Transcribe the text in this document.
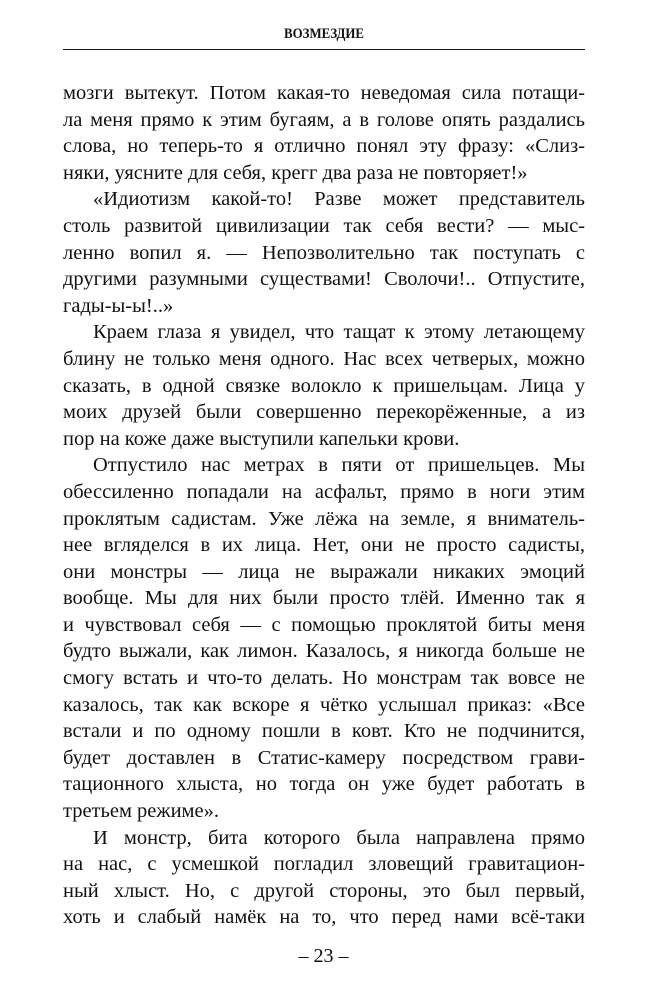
ВОЗМЕЗДИЕ

мозги вытекут. Потом какая-то неведомая сила потащи-
ла меня прямо к этим бугаям, а в голове опять раздались
слова, но теперь-то я отлично понял эту фразу: «Слиз-
няки, уясните для себя, крегг два раза не повторяет!»

«Идиотизм какой-то! Разве может представитель
столь развитой цивилизации так себя вести? — мыс-
ленно вопил я. — Непозволительно так поступать с
другими разумными существами! Сволочи!.. Отпустите,
гады-ы-ы!..»

Краем глаза я увидел, что тащат к этому летающему
блину не только меня одного. Нас всех четверых, можно
сказать, в одной связке волокло к пришельцам. Лица у
моих друзей были совершенно перекорёженные, а из
пор на коже даже выступили капельки крови.

Отпустило нас метрах в пяти от пришельцев. Мы
обессиленно попадали на асфальт, прямо в ноги этим
проклятым садистам. Уже лёжа на земле, я вниматель-
нее вгляделся в их лица. Нет, они не просто садисты,
они монстры — лица не выражали никаких эмоций
вообще. Мы для них были просто тлёй. Именно так я
и чувствовал себя — с помощью проклятой биты меня
будто выжали, как лимон. Казалось, я никогда больше не
смогу встать и что-то делать. Но монстрам так вовсе не
казалось, так как вскоре я чётко услышал приказ: «Все
встали и по одному пошли в ковт. Кто не подчинится,
будет доставлен в Статис-камеру посредством грави-
тационного хлыста, но тогда он уже будет работать в
третьем режиме».

И монстр, бита которого была направлена прямо
на нас, с усмешкой погладил зловещий гравитацион-
ный хлыст. Но, с другой стороны, это был первый,
хоть и слабый намёк на то, что перед нами всё-таки

– 23 –
